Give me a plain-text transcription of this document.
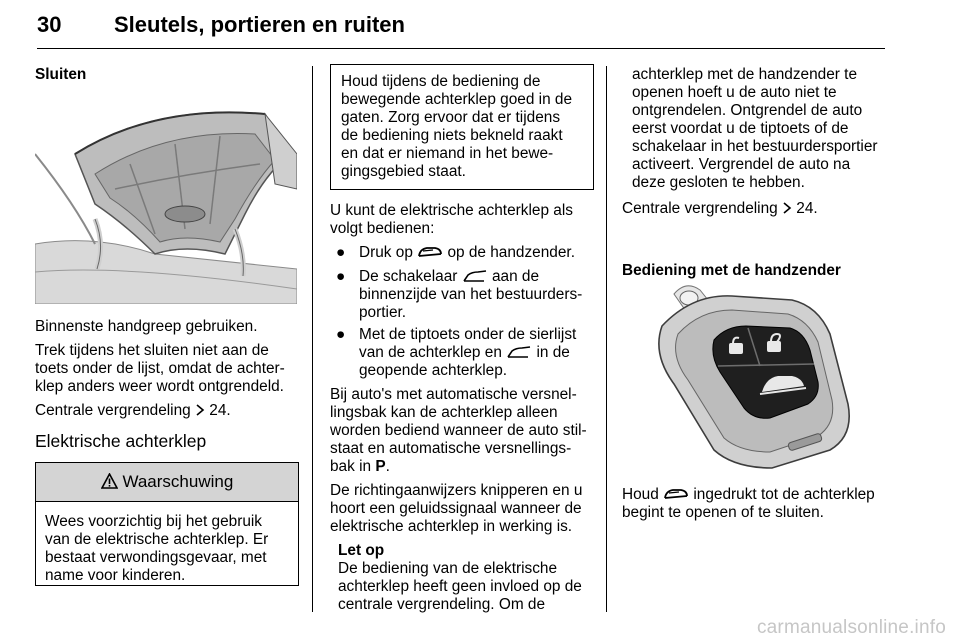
30 Sleutels, portieren en ruiten

Sluiten

Binnenste handgreep gebruiken.

Trek tijdens het sluiten niet aan de

toets onder de lijst, omdat de achter-

klep anders weer wordt ontgrendeld.

Centrale vergrendeling 24.

Elektrische achterklep

Waarschuwing

Wees voorzichtig bij het gebruik

van de elektrische achterklep. Er

bestaat verwondingsgevaar, met

name voor kinderen.

Houd tijdens de bediening de

bewegende achterklep goed in de

gaten. Zorg ervoor dat er tijdens

de bediening niets bekneld raakt

en dat er niemand in het bewe-

gingsgebied staat.

U kunt de elektrische achterklep als

volgt bedienen:

● Druk op op de handzender.
● De schakelaar aan de
binnenzijde van het bestuurders-
portier.
● Met de tiptoets onder de sierlijst
van de achterklep en in de
geopende achterklep.

Bij auto's met automatische versnel-

lingsbak kan de achterklep alleen

worden bediend wanneer de auto stil-

staat en automatische versnellings-

bak in P.

De richtingaanwijzers knipperen en u

hoort een geluidssignaal wanneer de

elektrische achterklep in werking is.

Let op

De bediening van de elektrische

achterklep heeft geen invloed op de

centrale vergrendeling. Om de

achterklep met de handzender te

openen hoeft u de auto niet te

ontgrendelen. Ontgrendel de auto

eerst voordat u de tiptoets of de

schakelaar in het bestuurdersportier

activeert. Vergrendel de auto na

deze gesloten te hebben.

Centrale vergrendeling 24.

Bediening met de handzender

Houd ingedrukt tot de achterklep

begint te openen of te sluiten.

carmanualsonline.info
